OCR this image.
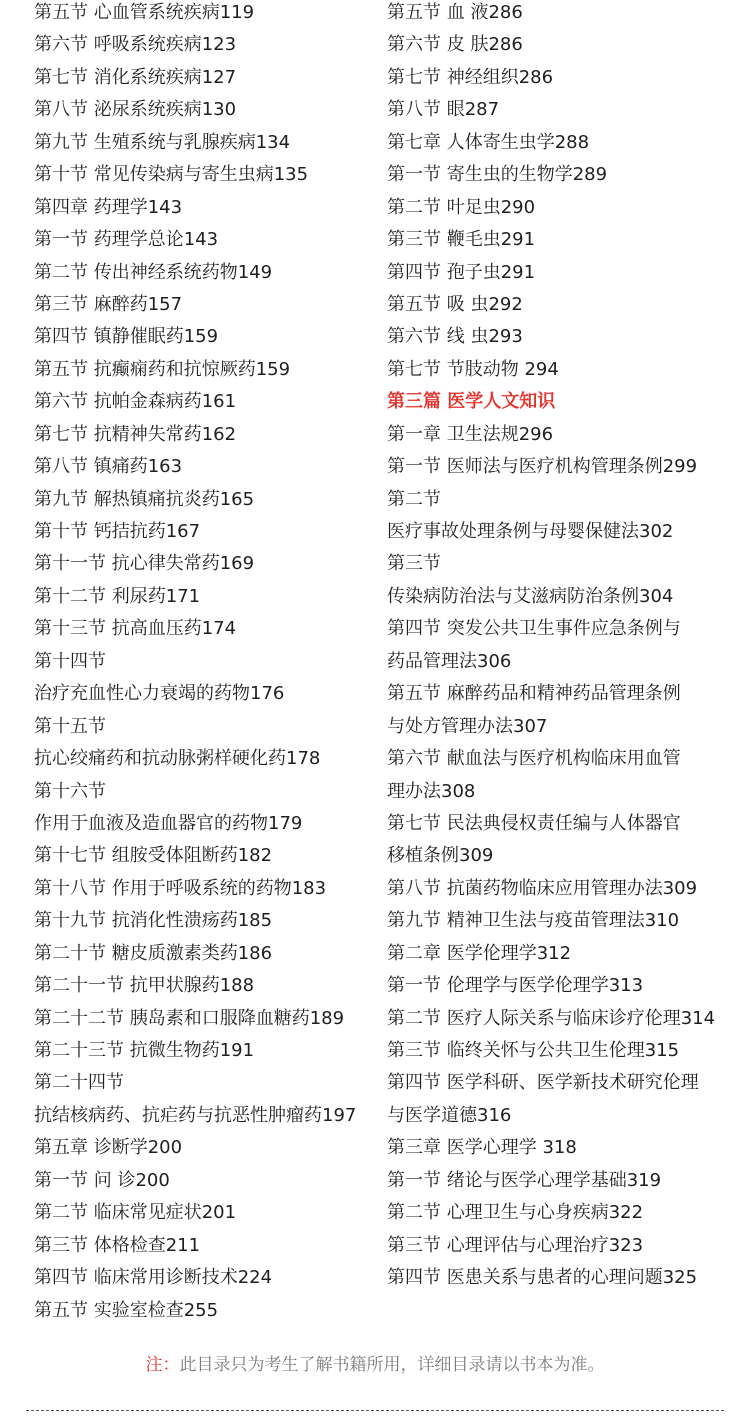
第五节 心血管系统疾病119
第六节 呼吸系统疾病123
第七节 消化系统疾病127
第八节 泌尿系统疾病130
第九节 生殖系统与乳腺疾病134
第十节 常见传染病与寄生虫病135
第四章 药理学143
第一节 药理学总论143
第二节 传出神经系统药物149
第三节 麻醉药157
第四节 镇静催眠药159
第五节 抗癫痫药和抗惊厥药159
第六节 抗帕金森病药161
第七节 抗精神失常药162
第八节 镇痛药163
第九节 解热镇痛抗炎药165
第十节 钙拮抗药167
第十一节 抗心律失常药169
第十二节 利尿药171
第十三节 抗高血压药174
第十四节
治疗充血性心力衰竭的药物176
第十五节
抗心绞痛药和抗动脉粥样硬化药178
第十六节
作用于血液及造血器官的药物179
第十七节 组胺受体阻断药182
第十八节 作用于呼吸系统的药物183
第十九节 抗消化性溃疡药185
第二十节 糖皮质激素类药186
第二十一节 抗甲状腺药188
第二十二节 胰岛素和口服降血糖药189
第二十三节 抗微生物药191
第二十四节
抗结核病药、抗疟药与抗恶性肿瘤药197
第五章 诊断学200
第一节 问 诊200
第二节 临床常见症状201
第三节 体格检查211
第四节 临床常用诊断技术224
第五节 实验室检查255
第五节 血 液286
第六节 皮 肤286
第七节 神经组织286
第八节 眼287
第七章 人体寄生虫学288
第一节 寄生虫的生物学289
第二节 叶足虫290
第三节 鞭毛虫291
第四节 孢子虫291
第五节 吸 虫292
第六节 线 虫293
第七节 节肢动物 294
第三篇 医学人文知识
第一章 卫生法规296
第一节 医师法与医疗机构管理条例299
第二节
医疗事故处理条例与母婴保健法302
第三节
传染病防治法与艾滋病防治条例304
第四节 突发公共卫生事件应急条例与
药品管理法306
第五节 麻醉药品和精神药品管理条例
与处方管理办法307
第六节 献血法与医疗机构临床用血管
理办法308
第七节 民法典侵权责任编与人体器官
移植条例309
第八节 抗菌药物临床应用管理办法309
第九节 精神卫生法与疫苗管理法310
第二章 医学伦理学312
第一节 伦理学与医学伦理学313
第二节 医疗人际关系与临床诊疗伦理314
第三节 临终关怀与公共卫生伦理315
第四节 医学科研、医学新技术研究伦理
与医学道德316
第三章 医学心理学 318
第一节 绪论与医学心理学基础319
第二节 心理卫生与心身疾病322
第三节 心理评估与心理治疗323
第四节 医患关系与患者的心理问题325
注：此目录只为考生了解书籍所用，详细目录请以书本为准。
